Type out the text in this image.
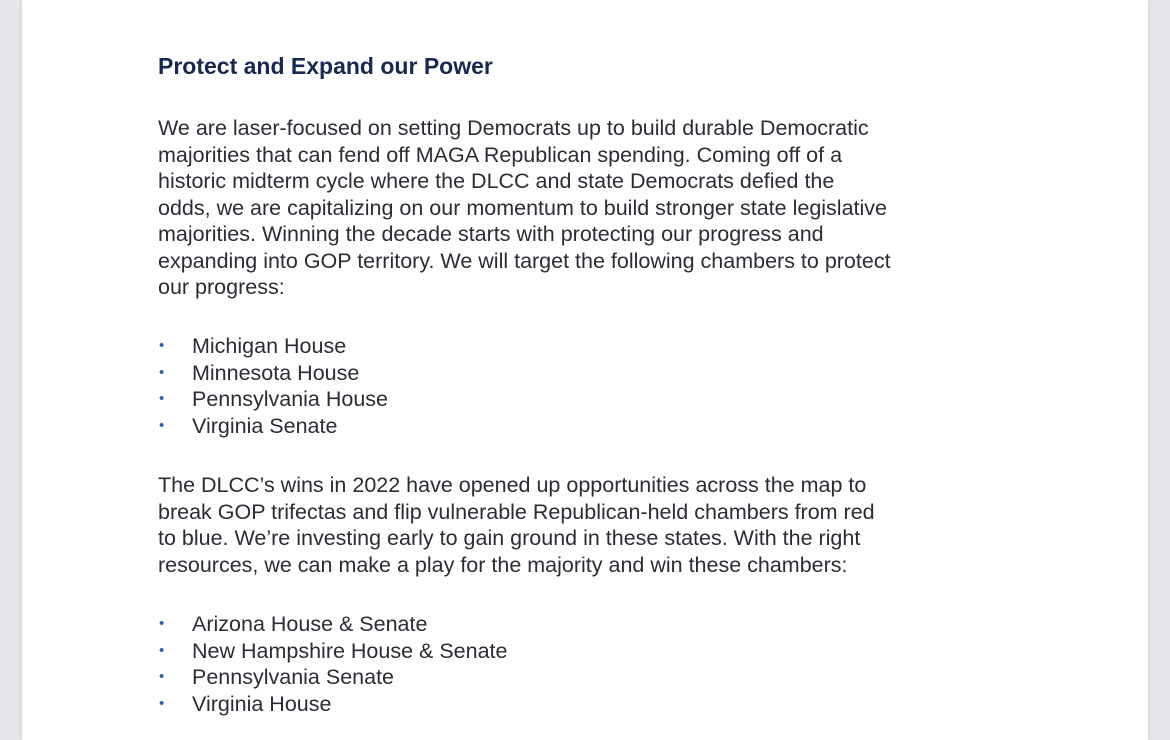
Protect and Expand our Power

We are laser-focused on setting Democrats up to build durable Democratic
majorities that can fend off MAGA Republican spending. Coming off of a
historic midterm cycle where the DLCC and state Democrats defied the
odds, we are capitalizing on our momentum to build stronger state legislative
majorities. Winning the decade starts with protecting our progress and
expanding into GOP territory. We will target the following chambers to protect
our progress:

• Michigan House
• Minnesota House
• Pennsylvania House
• Virginia Senate

The DLCC’s wins in 2022 have opened up opportunities across the map to
break GOP trifectas and flip vulnerable Republican-held chambers from red
to blue. We’re investing early to gain ground in these states. With the right
resources, we can make a play for the majority and win these chambers:

• Arizona House & Senate
• New Hampshire House & Senate
• Pennsylvania Senate
• Virginia House
